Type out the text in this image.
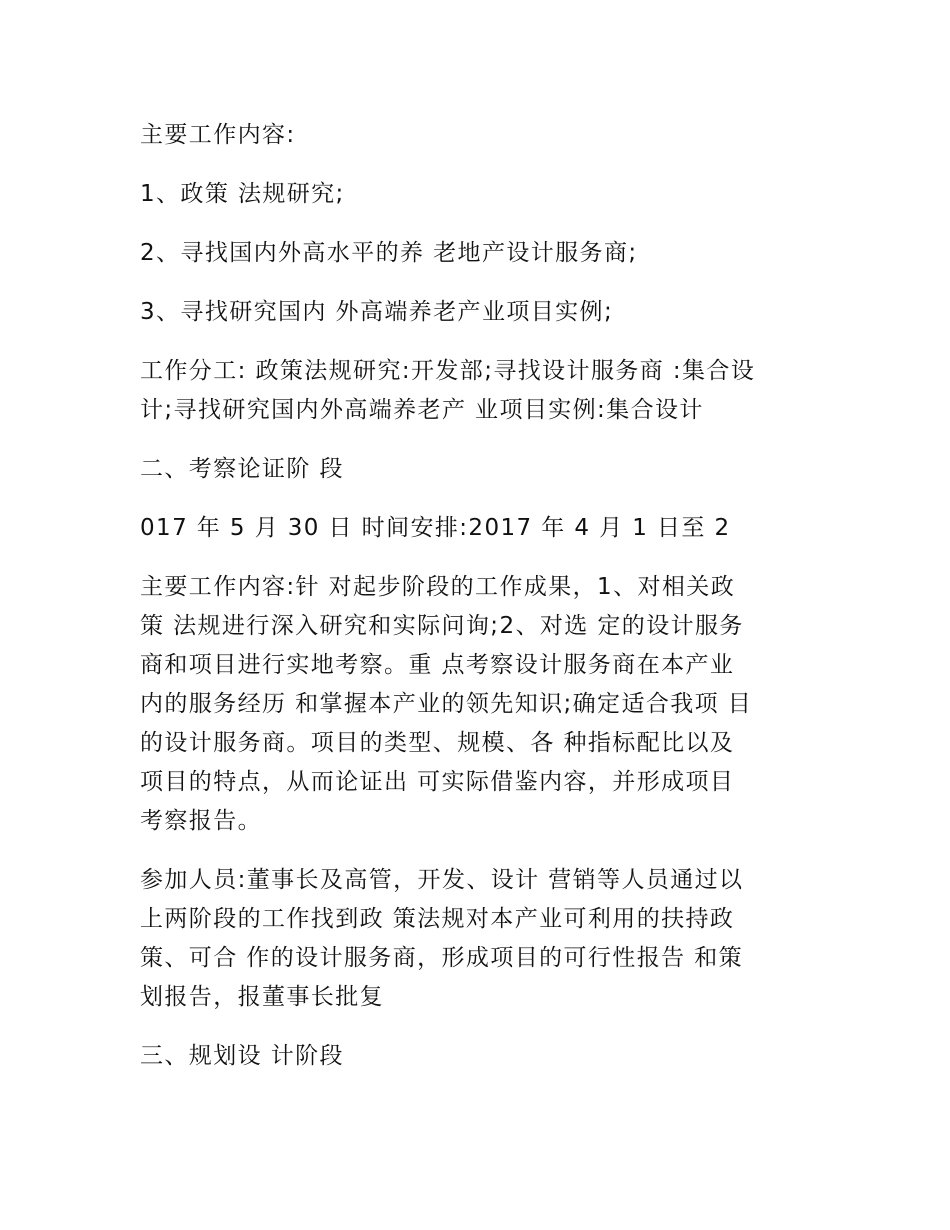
主要工作内容:
1、政策 法规研究;
2、寻找国内外高水平的养 老地产设计服务商;
3、寻找研究国内 外高端养老产业项目实例;
工作分工: 政策法规研究:开发部;寻找设计服务商 :集合设
计;寻找研究国内外高端养老产 业项目实例:集合设计
二、考察论证阶 段
017 年 5 月 30 日 时间安排:2017 年 4 月 1 日至 2
主要工作内容:针 对起步阶段的工作成果，1、对相关政
策 法规进行深入研究和实际问询;2、对选 定的设计服务
商和项目进行实地考察。重 点考察设计服务商在本产业
内的服务经历 和掌握本产业的领先知识;确定适合我项 目
的设计服务商。项目的类型、规模、各 种指标配比以及
项目的特点，从而论证出 可实际借鉴内容，并形成项目
考察报告。
参加人员:董事长及高管，开发、设计 营销等人员通过以
上两阶段的工作找到政 策法规对本产业可利用的扶持政
策、可合 作的设计服务商，形成项目的可行性报告 和策
划报告，报董事长批复
三、规划设 计阶段
